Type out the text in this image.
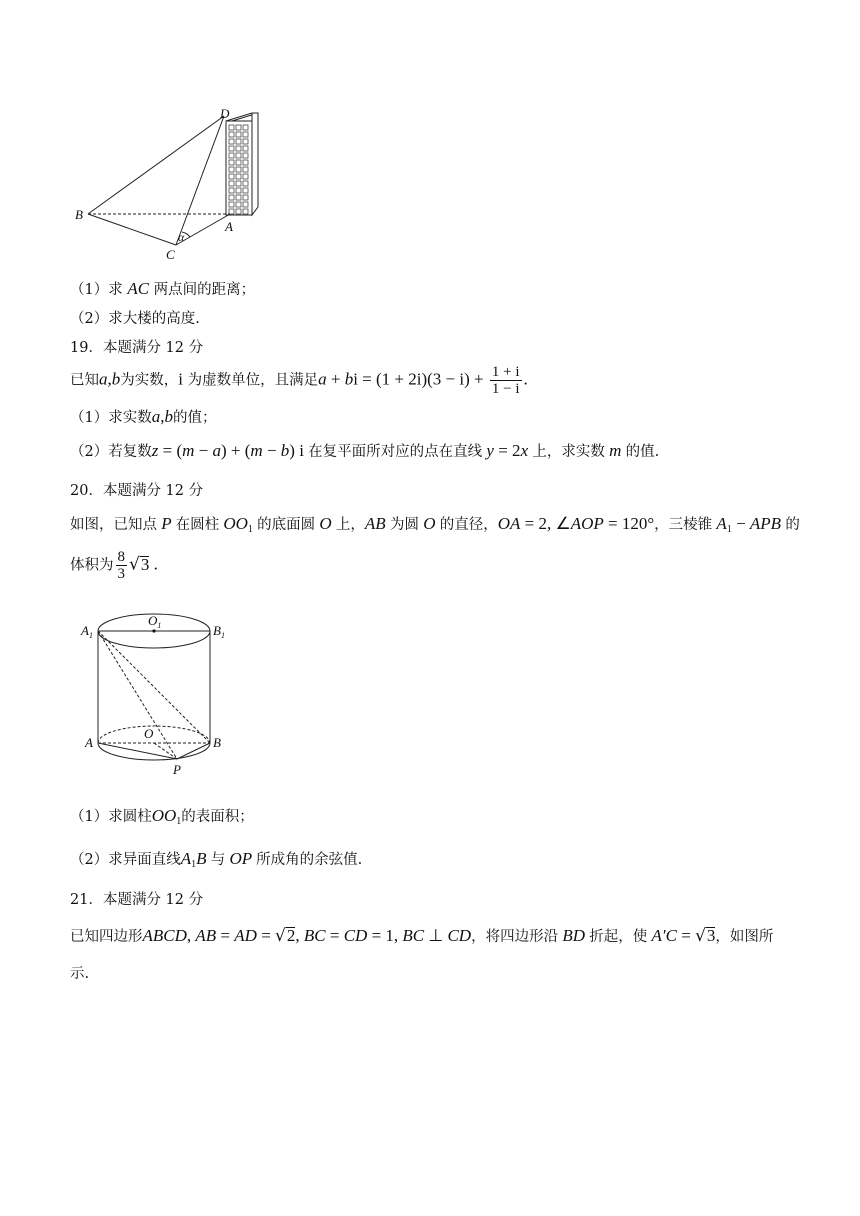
D
B
A
C
α
（1）求 AC 两点间的距离；
（2）求大楼的高度.
19．本题满分 12 分
已知a,b为实数，i 为虚数单位，且满足a + bi = $(1 + 2i)(3 - i) + \frac{1 + i}{1 - i}$ .
（1）求实数a,b的值；
（2）若复数z = (m − a) + (m − b) i 在复平面所对应的点在直线 y = 2x 上，求实数 m 的值.
20．本题满分 12 分
如图，已知点 P 在圆柱 $OO_1$ 的底面圆 O 上，AB 为圆 O 的直径，OA = 2, ∠AOP = 120°，三棱锥 $A_1$ − APB 的
体积为 $\frac{8}{3} √3$ .
$A_1$
$O_1$	$B_1$
A
O
B
P
（1）求圆柱$OO_1$的表面积；
（2）求异面直线$A_1B$ 与 OP 所成角的余弦值.
21．本题满分 12 分
已知四边形ABCD, AB = AD = √2, BC = CD = 1, BC ⊥ CD，将四边形沿 BD 折起，使 A′C = √3，如图所
示.
